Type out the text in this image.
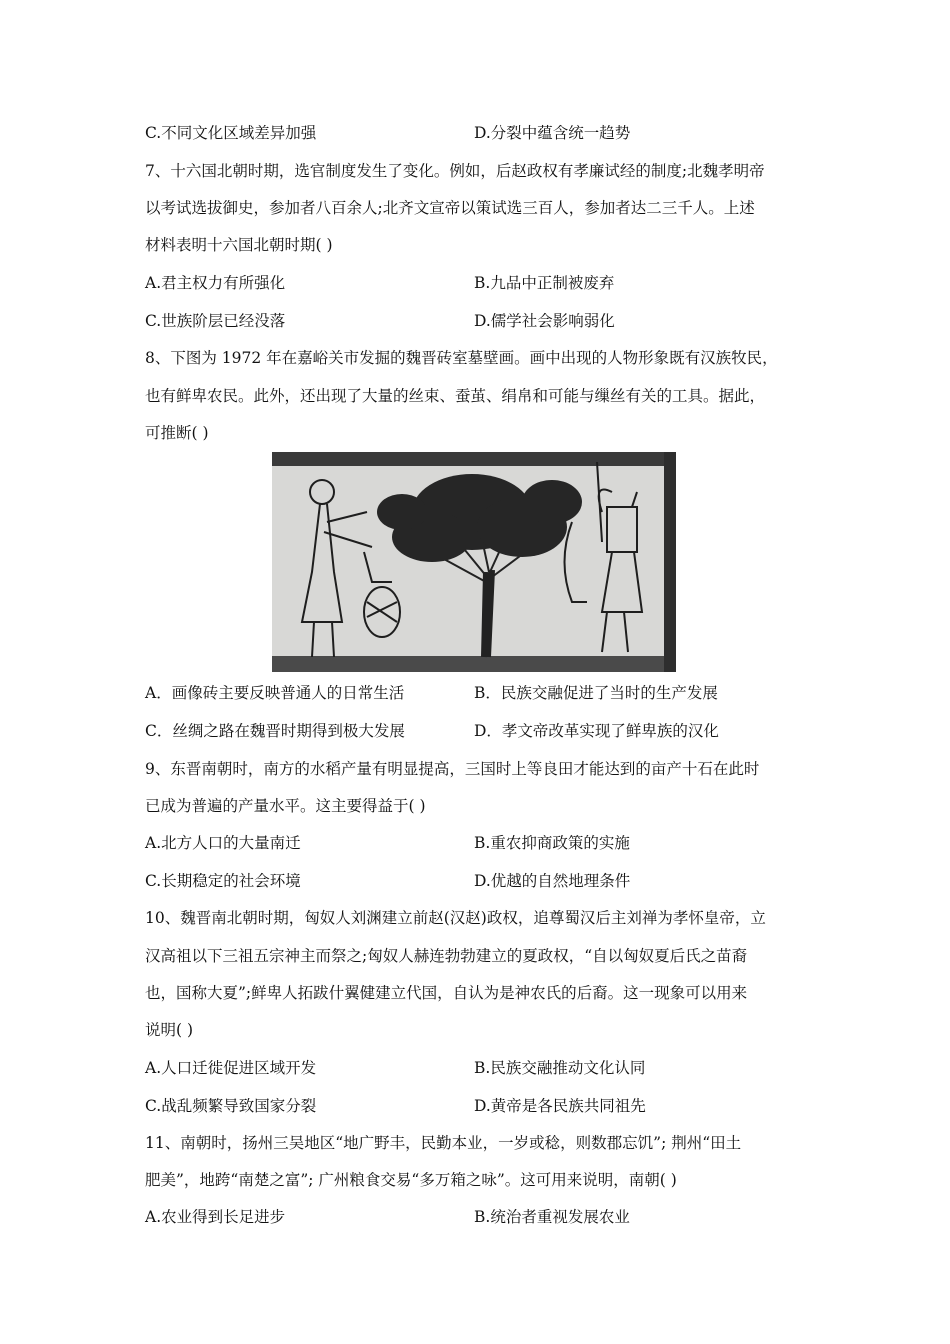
C.不同文化区域差异加强	D.分裂中蕴含统一趋势
7、十六国北朝时期，选官制度发生了变化。例如，后赵政权有孝廉试经的制度;北魏孝明帝
以考试选拔御史，参加者八百余人;北齐文宣帝以策试选三百人，参加者达二三千人。上述
材料表明十六国北朝时期( )
A.君主权力有所强化	B.九品中正制被废弃
C.世族阶层已经没落	D.儒学社会影响弱化
8、下图为 1972 年在嘉峪关市发掘的魏晋砖室墓壁画。画中出现的人物形象既有汉族牧民，
也有鲜卑农民。此外，还出现了大量的丝束、蚕茧、绢帛和可能与缫丝有关的工具。据此，
可推断( )
A．画像砖主要反映普通人的日常生活	B．民族交融促进了当时的生产发展
C．丝绸之路在魏晋时期得到极大发展	D．孝文帝改革实现了鲜卑族的汉化
9、东晋南朝时，南方的水稻产量有明显提高，三国时上等良田才能达到的亩产十石在此时
已成为普遍的产量水平。这主要得益于( )
A.北方人口的大量南迁	B.重农抑商政策的实施
C.长期稳定的社会环境	D.优越的自然地理条件
10、魏晋南北朝时期，匈奴人刘渊建立前赵(汉赵)政权，追尊蜀汉后主刘禅为孝怀皇帝，立
汉高祖以下三祖五宗神主而祭之;匈奴人赫连勃勃建立的夏政权，“自以匈奴夏后氏之苗裔
也，国称大夏”;鲜卑人拓跋什翼健建立代国，自认为是神农氏的后裔。这一现象可以用来
说明( )
A.人口迁徙促进区域开发	B.民族交融推动文化认同
C.战乱频繁导致国家分裂	D.黄帝是各民族共同祖先
11、南朝时，扬州三吴地区“地广野丰，民勤本业，一岁或稔，则数郡忘饥”; 荆州“田土
肥美”，地跨“南楚之富”; 广州粮食交易“多万箱之咏”。这可用来说明，南朝( )
A.农业得到长足进步	B.统治者重视发展农业
